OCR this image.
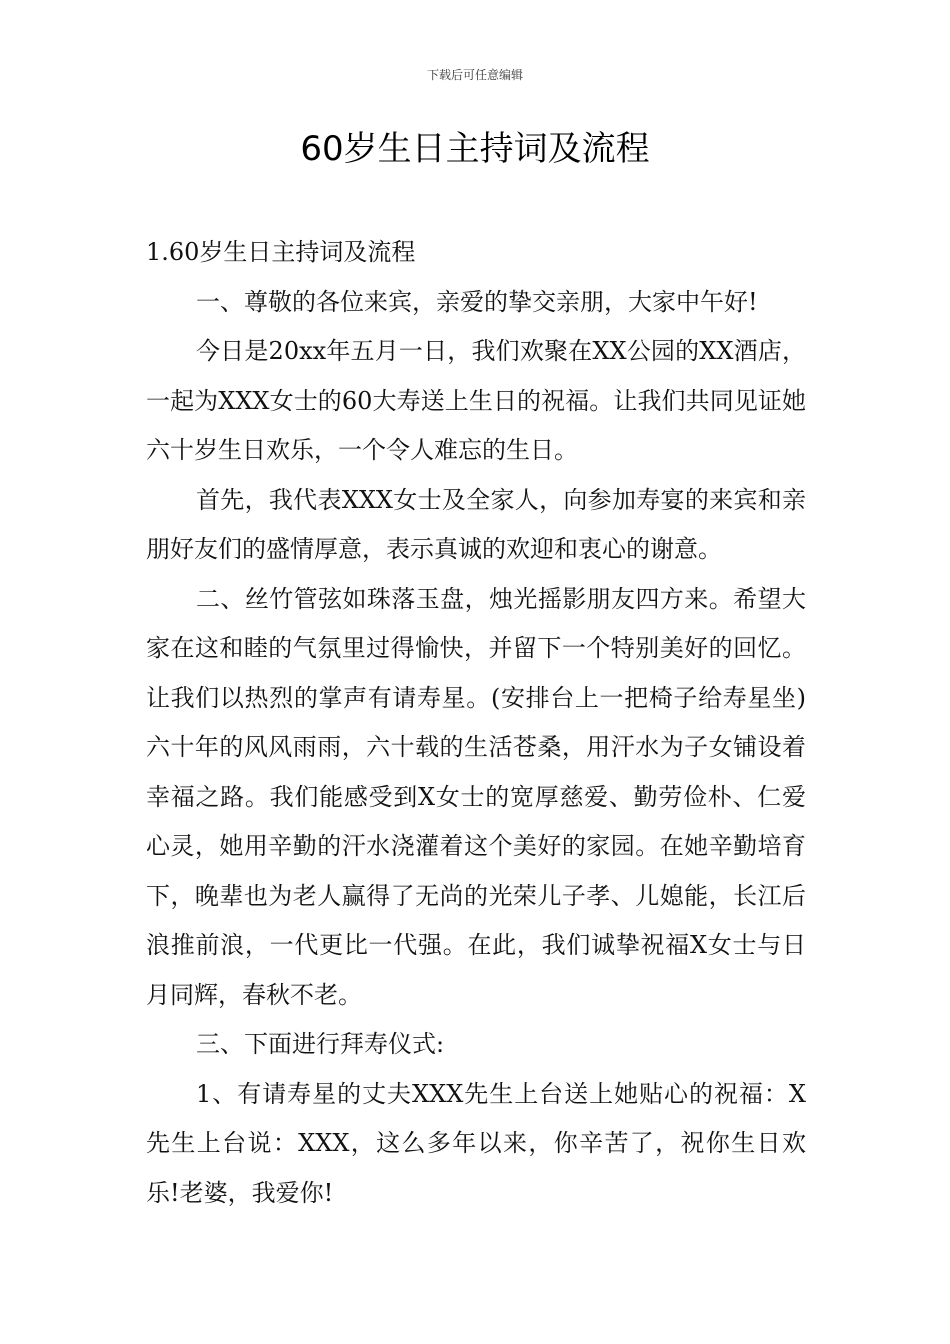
下载后可任意编辑
60岁生日主持词及流程

1.60岁生日主持词及流程

一、尊敬的各位来宾，亲爱的挚交亲朋，大家中午好!

今日是20xx年五月一日，我们欢聚在XX公园的XX酒店，一起为XXX女士的60大寿送上生日的祝福。让我们共同见证她六十岁生日欢乐，一个令人难忘的生日。

首先，我代表XXX女士及全家人，向参加寿宴的来宾和亲朋好友们的盛情厚意，表示真诚的欢迎和衷心的谢意。

二、丝竹管弦如珠落玉盘，烛光摇影朋友四方来。希望大家在这和睦的气氛里过得愉快，并留下一个特别美好的回忆。让我们以热烈的掌声有请寿星。(安排台上一把椅子给寿星坐)六十年的风风雨雨，六十载的生活苍桑，用汗水为子女铺设着幸福之路。我们能感受到X女士的宽厚慈爱、勤劳俭朴、仁爱心灵，她用辛勤的汗水浇灌着这个美好的家园。在她辛勤培育下，晚辈也为老人赢得了无尚的光荣儿子孝、儿媳能，长江后浪推前浪，一代更比一代强。在此，我们诚挚祝福X女士与日月同辉，春秋不老。

三、下面进行拜寿仪式:

1、有请寿星的丈夫XXX先生上台送上她贴心的祝福：X先生上台说：XXX，这么多年以来，你辛苦了，祝你生日欢乐!老婆，我爱你!
